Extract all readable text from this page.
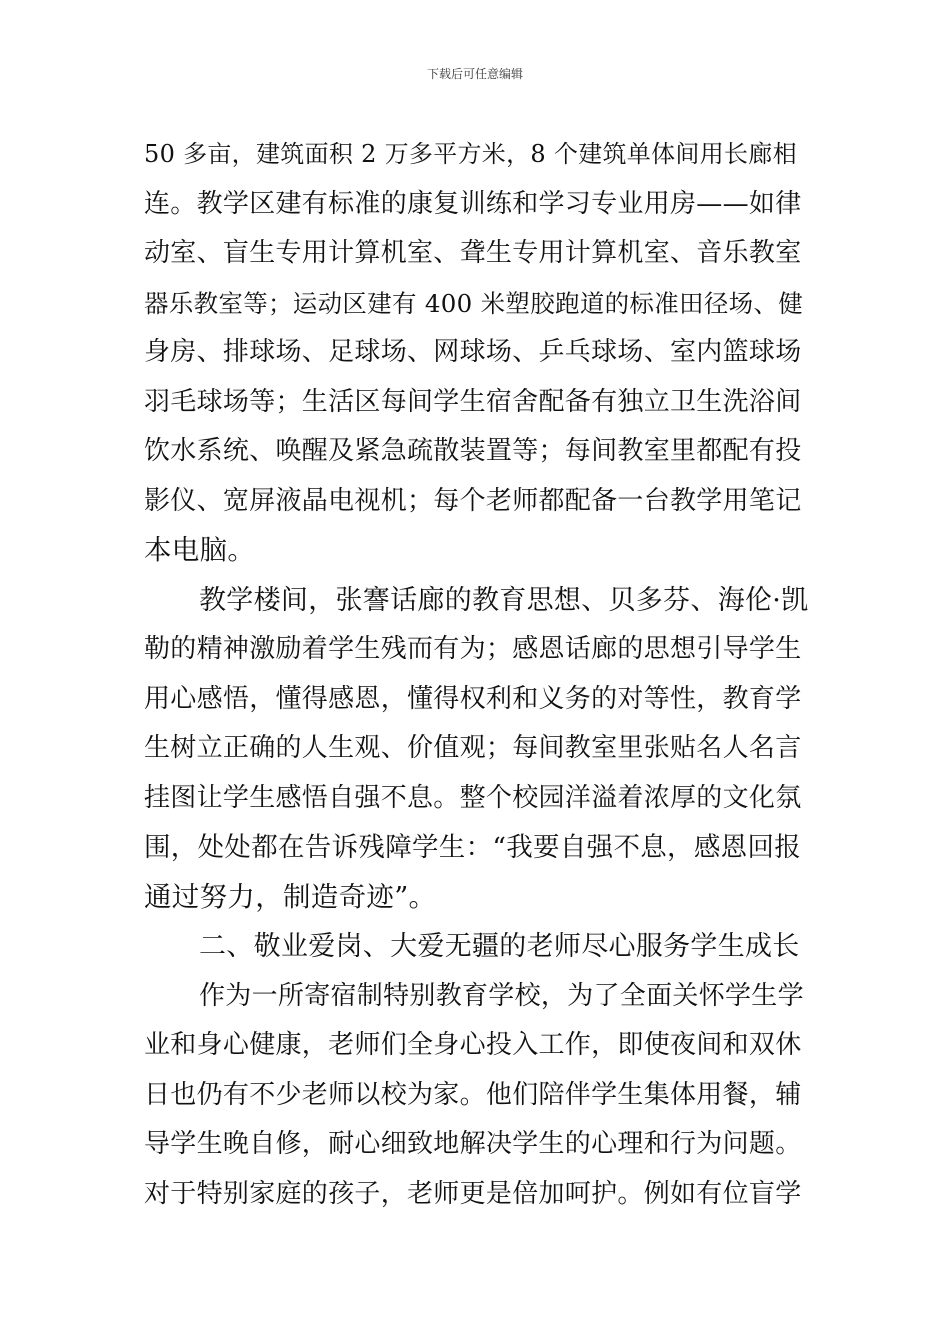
下载后可任意编辑
50 多亩，建筑面积 2 万多平方米，8 个建筑单体间用长廊相
连。教学区建有标准的康复训练和学习专业用房——如律
动室、盲生专用计算机室、聋生专用计算机室、音乐教室
器乐教室等；运动区建有 400 米塑胶跑道的标准田径场、健
身房、排球场、足球场、网球场、乒乓球场、室内篮球场
羽毛球场等；生活区每间学生宿舍配备有独立卫生洗浴间
饮水系统、唤醒及紧急疏散装置等；每间教室里都配有投
影仪、宽屏液晶电视机；每个老师都配备一台教学用笔记
本电脑。
教学楼间，张謇话廊的教育思想、贝多芬、海伦·凯
勒的精神激励着学生残而有为；感恩话廊的思想引导学生
用心感悟，懂得感恩，懂得权利和义务的对等性，教育学
生树立正确的人生观、价值观；每间教室里张贴名人名言
挂图让学生感悟自强不息。整个校园洋溢着浓厚的文化氛
围，处处都在告诉残障学生：“我要自强不息，感恩回报
通过努力，制造奇迹”。
二、敬业爱岗、大爱无疆的老师尽心服务学生成长
作为一所寄宿制特别教育学校，为了全面关怀学生学
业和身心健康，老师们全身心投入工作，即使夜间和双休
日也仍有不少老师以校为家。他们陪伴学生集体用餐，辅
导学生晚自修，耐心细致地解决学生的心理和行为问题。
对于特别家庭的孩子，老师更是倍加呵护。例如有位盲学
